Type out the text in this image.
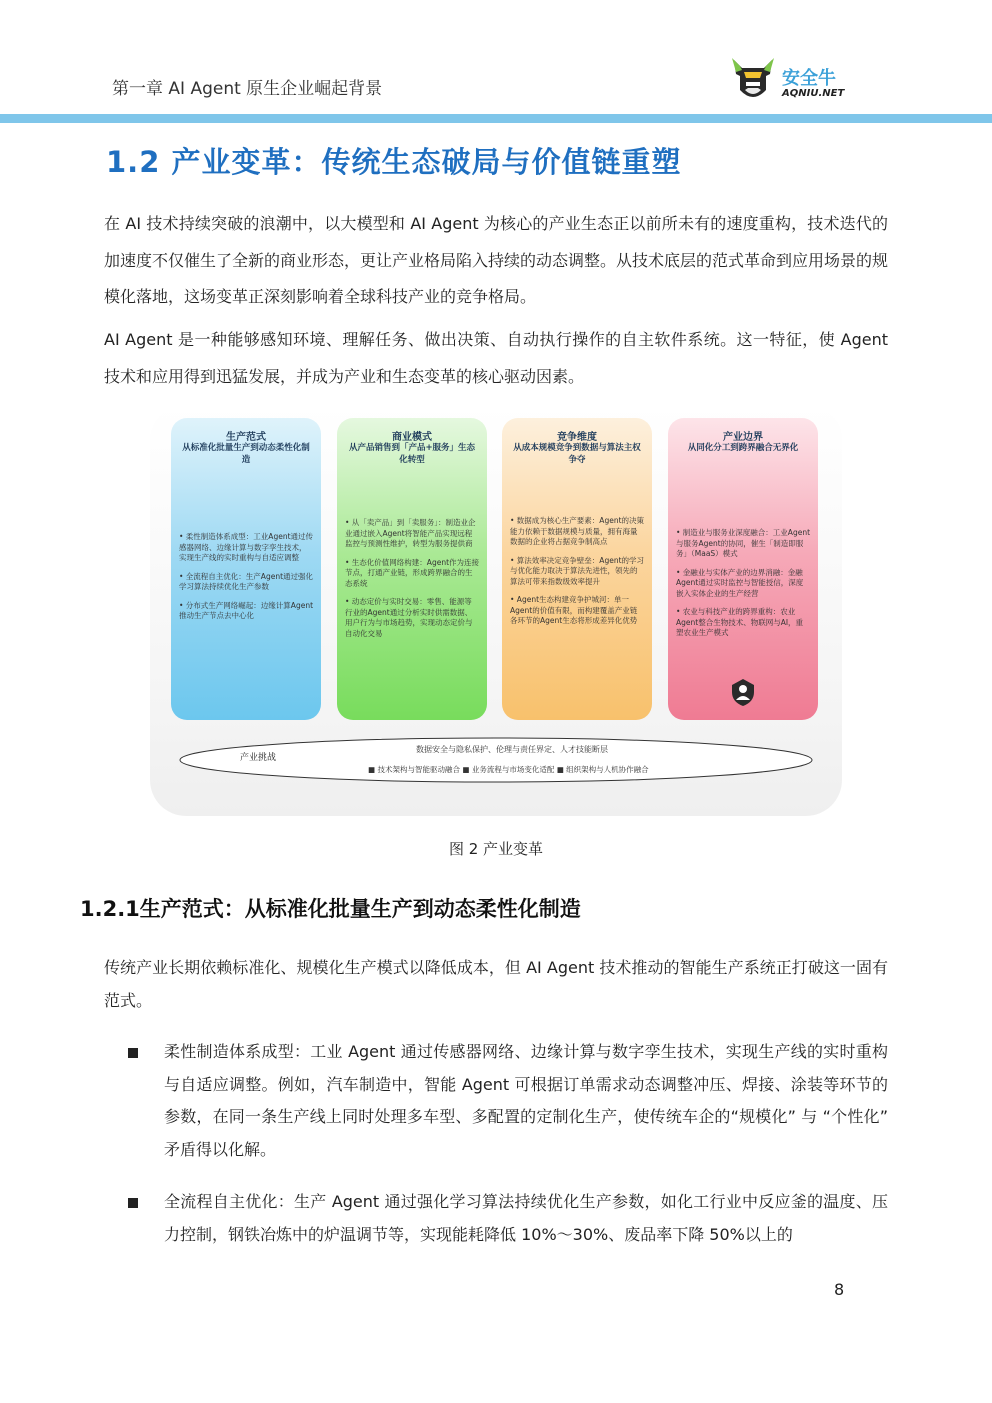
第一章 AI Agent 原生企业崛起背景	安全牛
AQNIU.NET
1.2 产业变革：传统生态破局与价值链重塑
在 AI 技术持续突破的浪潮中，以大模型和 AI Agent 为核心的产业生态正以前所未有的速度重构，技术迭代的加速度不仅催生了全新的商业形态，更让产业格局陷入持续的动态调整。从技术底层的范式革命到应用场景的规模化落地，这场变革正深刻影响着全球科技产业的竞争格局。
AI Agent 是一种能够感知环境、理解任务、做出决策、自动执行操作的自主软件系统。这一特征，使 Agent 技术和应用得到迅猛发展，并成为产业和生态变革的核心驱动因素。
生产范式
从标准化批量生产到动态柔性化制造

• 柔性制造体系成型：工业Agent通过传感器网络、边缘计算与数字孪生技术，实现生产线的实时重构与自适应调整

• 全流程自主优化：生产Agent通过强化学习算法持续优化生产参数

• 分布式生产网络崛起：边缘计算Agent推动生产节点去中心化

商业模式
从产品销售到「产品+服务」生态化转型

• 从「卖产品」到「卖服务」：制造业企业通过嵌入Agent将智能产品实现远程监控与预测性维护，转型为服务提供商

• 生态化价值网络构建：Agent作为连接节点，打通产业链，形成跨界融合的生态系统

• 动态定价与实时交易：零售、能源等行业的Agent通过分析实时供需数据、用户行为与市场趋势，实现动态定价与自动化交易

竞争维度
从成本规模竞争到数据与算法主权争夺

• 数据成为核心生产要素：Agent的决策能力依赖于数据规模与质量，拥有海量数据的企业将占据竞争制高点

• 算法效率决定竞争壁垒：Agent的学习与优化能力取决于算法先进性，领先的算法可带来指数级效率提升

• Agent生态构建竞争护城河：单一Agent的价值有限，而构建覆盖产业链各环节的Agent生态将形成差异化优势

产业边界
从同化分工到跨界融合无界化

• 制造业与服务业深度融合：工业Agent与服务Agent的协同，催生「制造即服务」（MaaS）模式

• 金融业与实体产业的边界消融：金融Agent通过实时监控与智能授信，深度嵌入实体企业的生产经营

• 农业与科技产业的跨界重构：农业Agent整合生物技术、物联网与AI，重塑农业生产模式

产业挑战
数据安全与隐私保护、伦理与责任界定、人才技能断层
■ 技术架构与智能驱动融合 ■ 业务流程与市场变化适配 ■ 组织架构与人机协作融合
图 2 产业变革
1.2.1生产范式：从标准化批量生产到动态柔性化制造
传统产业长期依赖标准化、规模化生产模式以降低成本，但 AI Agent 技术推动的智能生产系统正打破这一固有范式。
柔性制造体系成型：工业 Agent 通过传感器网络、边缘计算与数字孪生技术，实现生产线的实时重构与自适应调整。例如，汽车制造中，智能 Agent 可根据订单需求动态调整冲压、焊接、涂装等环节的参数，在同一条生产线上同时处理多车型、多配置的定制化生产，使传统车企的“规模化” 与 “个性化” 矛盾得以化解。
全流程自主优化：生产 Agent 通过强化学习算法持续优化生产参数，如化工行业中反应釜的温度、压力控制，钢铁冶炼中的炉温调节等，实现能耗降低 10%～30%、废品率下降 50%以上的
8
